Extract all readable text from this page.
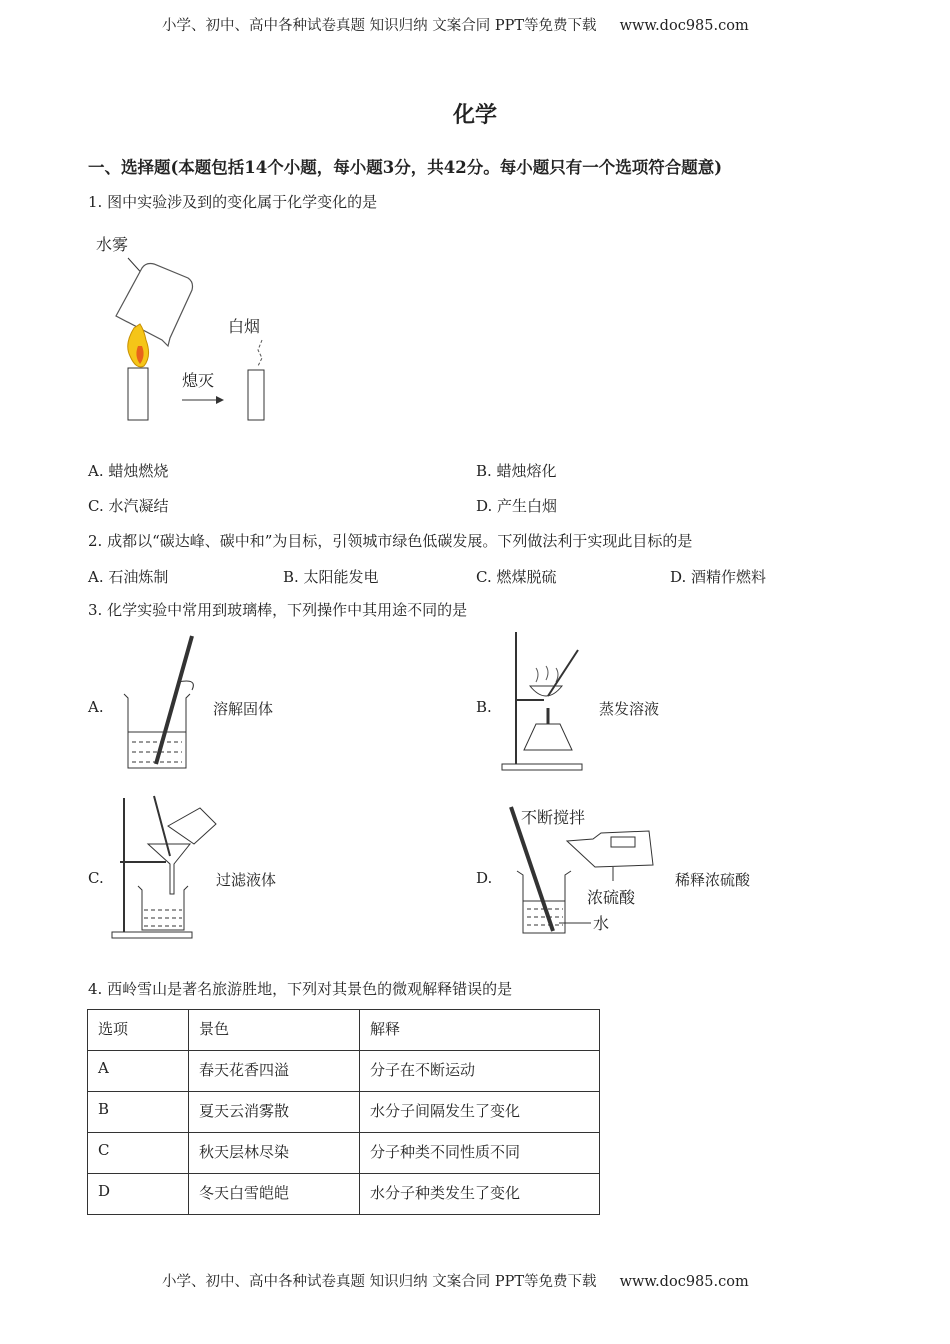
小学、初中、高中各种试卷真题 知识归纳 文案合同 PPT等免费下载 www.doc985.com
化学
一、选择题(本题包括14个小题，每小题3分，共42分。每小题只有一个选项符合题意)
1. 图中实验涉及到的变化属于化学变化的是
水雾
熄灭
白烟
A. 蜡烛燃烧	B. 蜡烛熔化
C. 水汽凝结	D. 产生白烟
2. 成都以“碳达峰、碳中和”为目标，引领城市绿色低碳发展。下列做法利于实现此目标的是
A. 石油炼制	B. 太阳能发电	C. 燃煤脱硫	D. 酒精作燃料
3. 化学实验中常用到玻璃棒，下列操作中其用途不同的是
A.	溶解固体	B.	蒸发溶液
C.	过滤液体	D.
不断搅拌
浓硫酸
水
稀释浓硫酸
4. 西岭雪山是著名旅游胜地，下列对其景色的微观解释错误的是
选项	景色	解释
A	春天花香四溢	分子在不断运动
B	夏天云消雾散	水分子间隔发生了变化
C	秋天层林尽染	分子种类不同性质不同
D	冬天白雪皑皑	水分子种类发生了变化
小学、初中、高中各种试卷真题 知识归纳 文案合同 PPT等免费下载 www.doc985.com
